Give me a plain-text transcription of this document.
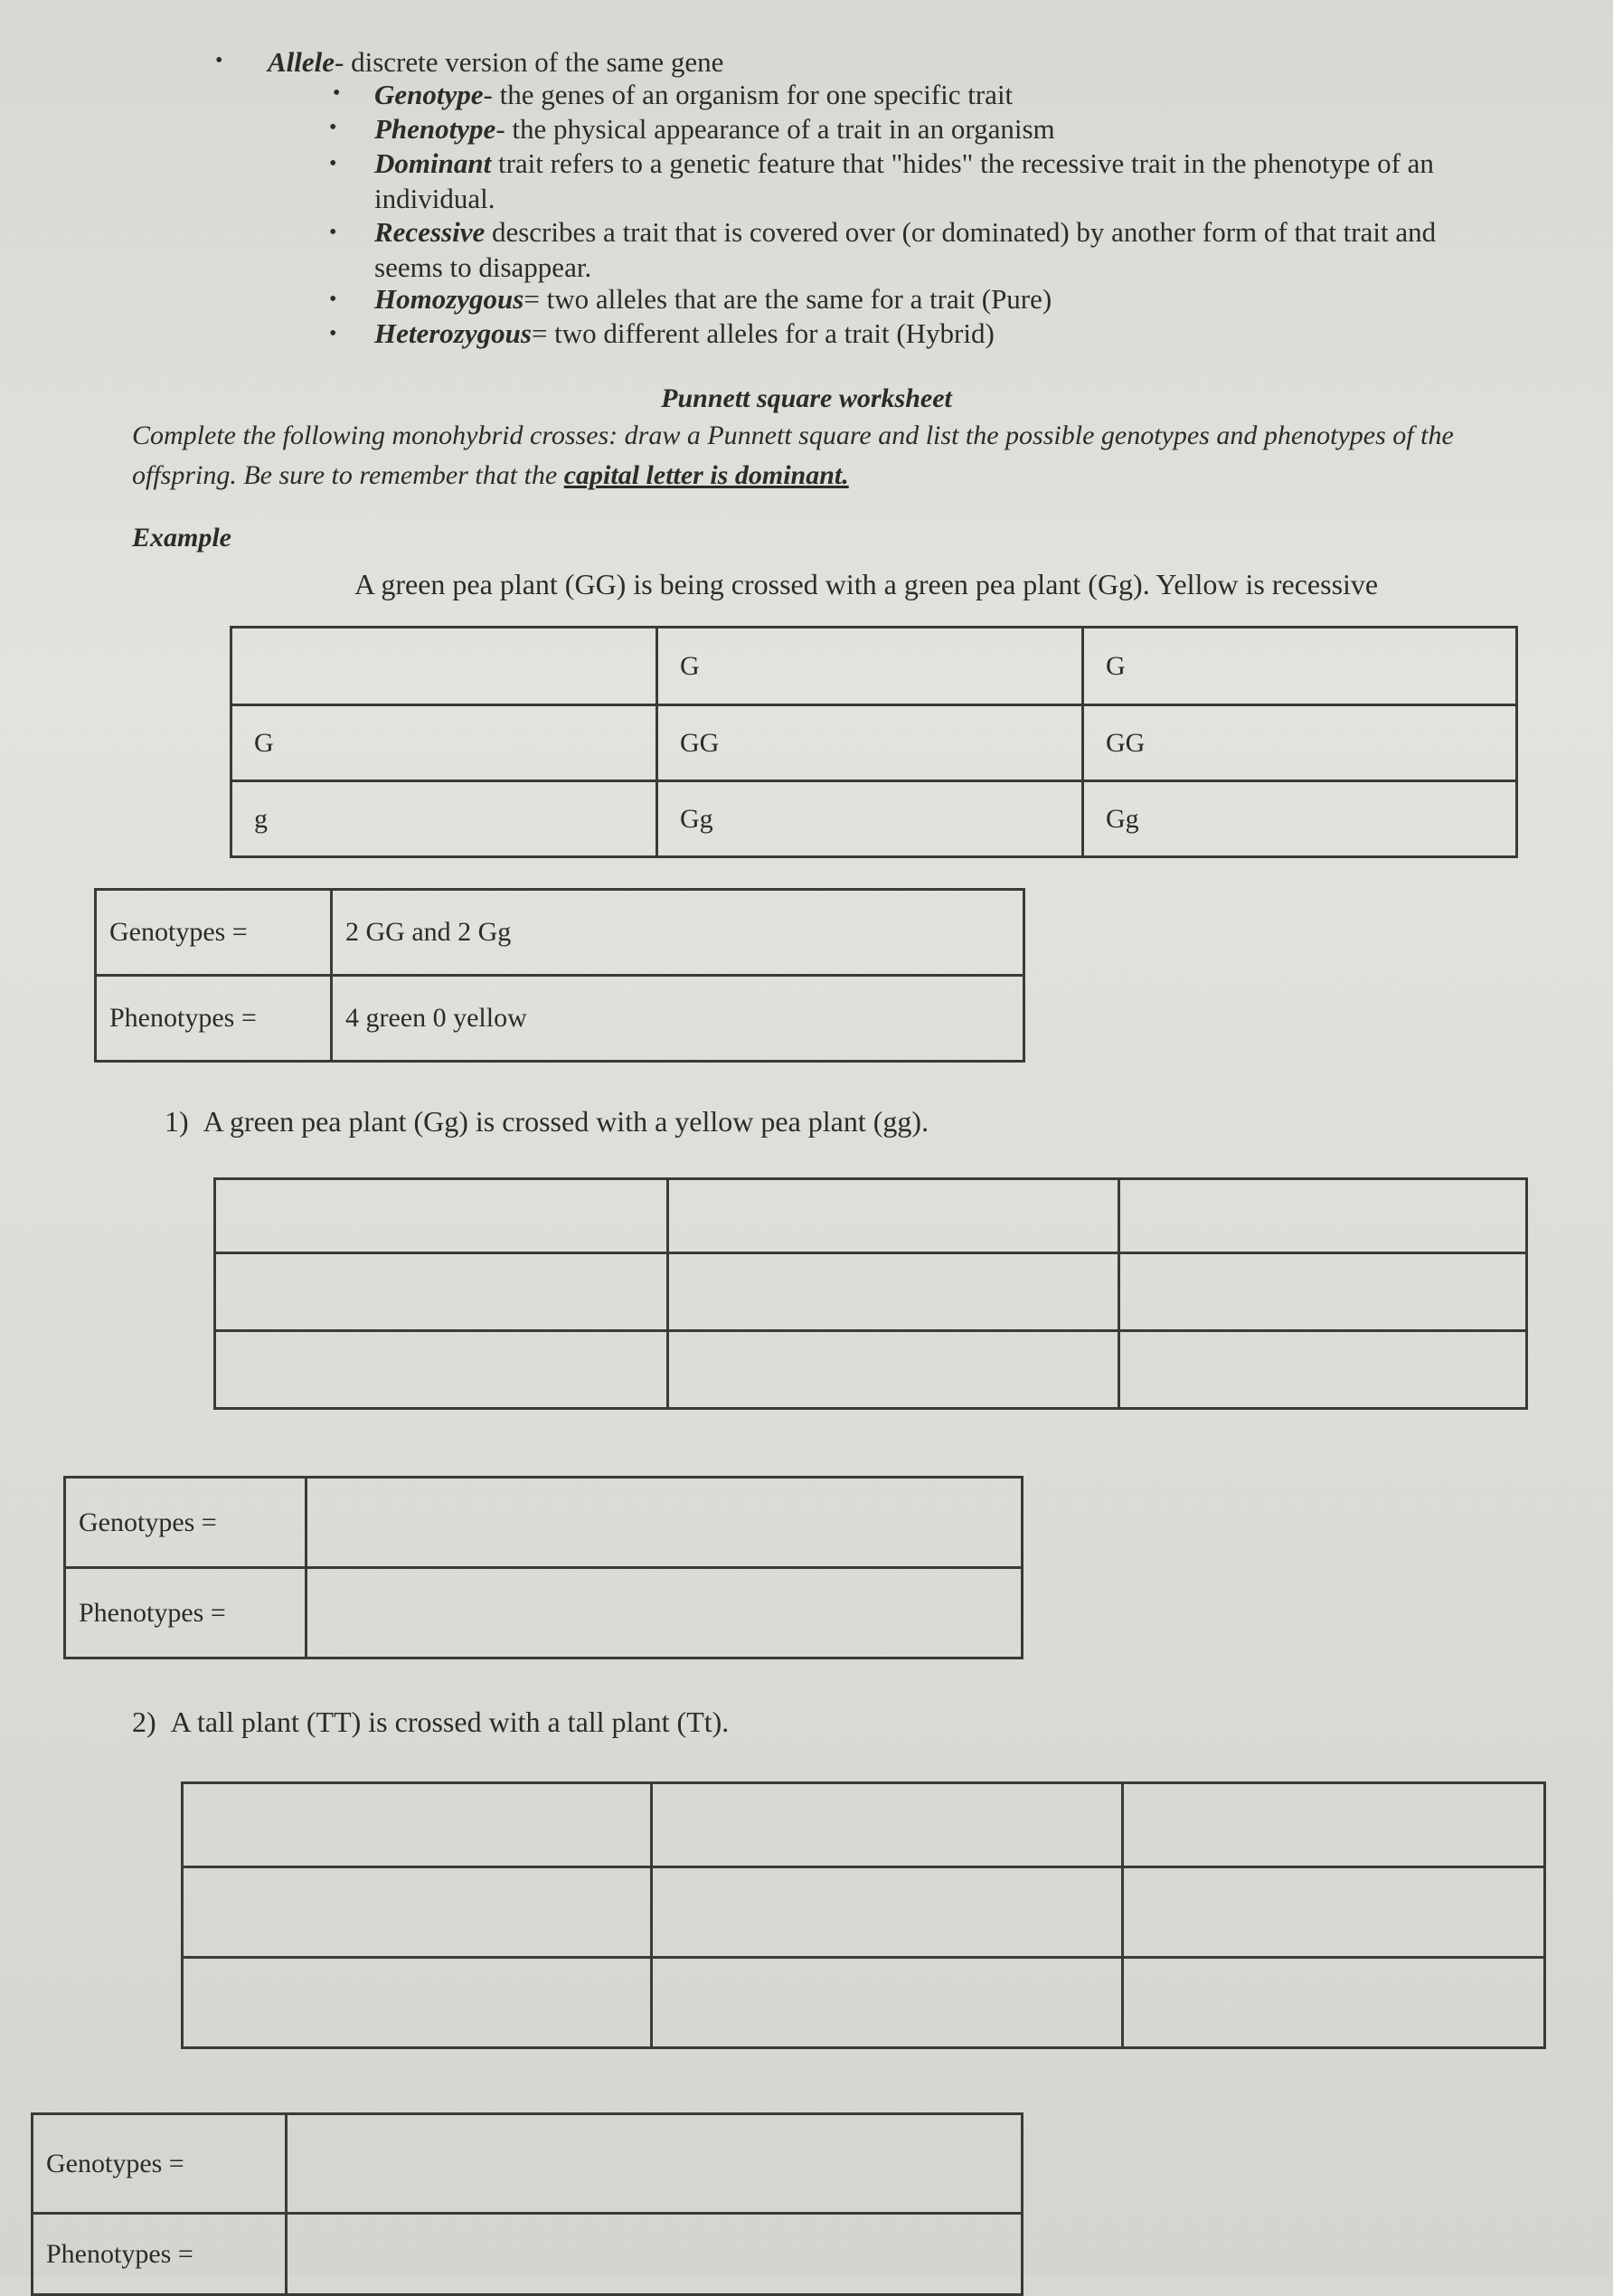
• Allele- discrete version of the same gene
• Genotype- the genes of an organism for one specific trait
• Phenotype- the physical appearance of a trait in an organism
• Dominant trait refers to a genetic feature that "hides" the recessive trait in the phenotype of an individual.
• Recessive describes a trait that is covered over (or dominated) by another form of that trait and seems to disappear.
• Homozygous= two alleles that are the same for a trait (Pure)
• Heterozygous= two different alleles for a trait (Hybrid)
Punnett square worksheet
Complete the following monohybrid crosses: draw a Punnett square and list the possible genotypes and phenotypes of the offspring. Be sure to remember that the capital letter is dominant.
Example
A green pea plant (GG) is being crossed with a green pea plant (Gg). Yellow is recessive
	G	G
G	GG	GG
g	Gg	Gg
Genotypes =	2 GG and 2 Gg
Phenotypes =	4 green 0 yellow
1) A green pea plant (Gg) is crossed with a yellow pea plant (gg).

Genotypes =	
Phenotypes =	
2) A tall plant (TT) is crossed with a tall plant (Tt).

Genotypes =	
Phenotypes =	
